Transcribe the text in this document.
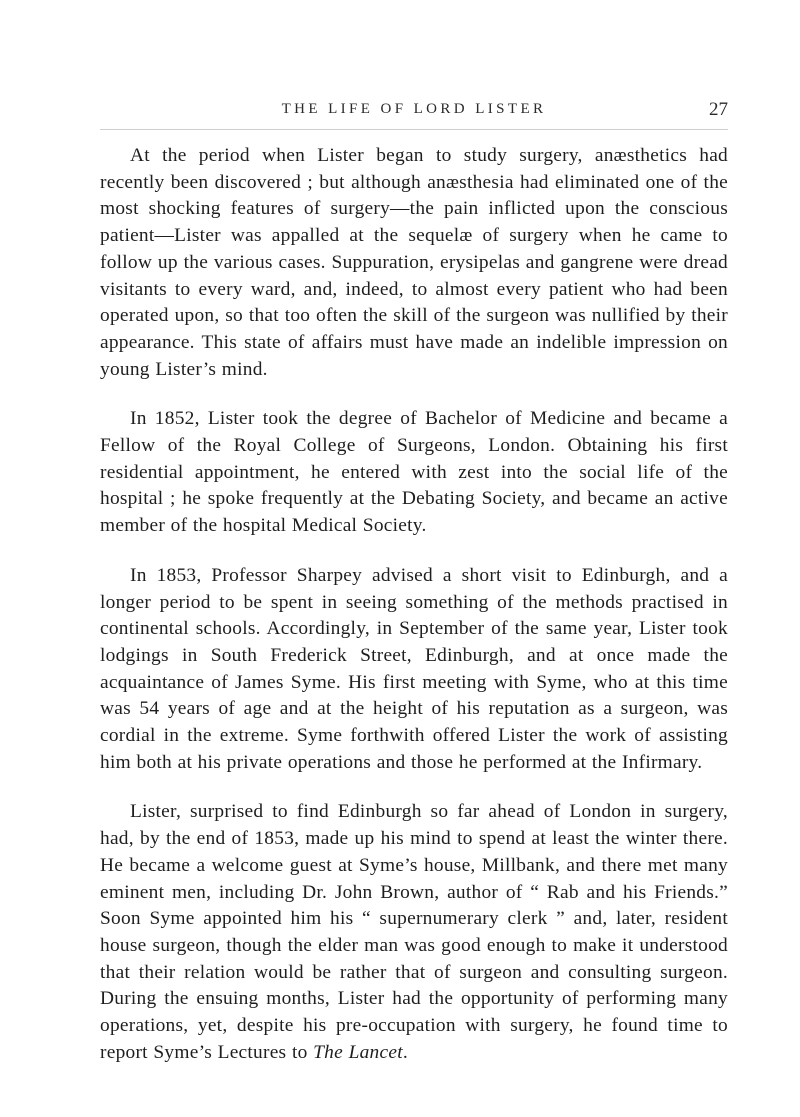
THE LIFE OF LORD LISTER	27

At the period when Lister began to study surgery, anæsthetics had recently been discovered ; but although anæsthesia had eliminated one of the most shocking features of surgery—the pain inflicted upon the conscious patient—Lister was appalled at the sequelæ of surgery when he came to follow up the various cases. Suppuration, erysipelas and gangrene were dread visitants to every ward, and, indeed, to almost every patient who had been operated upon, so that too often the skill of the surgeon was nullified by their appearance. This state of affairs must have made an indelible impression on young Lister’s mind.

In 1852, Lister took the degree of Bachelor of Medicine and became a Fellow of the Royal College of Surgeons, London. Obtaining his first residential appointment, he entered with zest into the social life of the hospital ; he spoke frequently at the Debating Society, and became an active member of the hospital Medical Society.

In 1853, Professor Sharpey advised a short visit to Edinburgh, and a longer period to be spent in seeing something of the methods practised in continental schools. Accordingly, in September of the same year, Lister took lodgings in South Frederick Street, Edinburgh, and at once made the acquaintance of James Syme. His first meeting with Syme, who at this time was 54 years of age and at the height of his reputation as a surgeon, was cordial in the extreme. Syme forthwith offered Lister the work of assisting him both at his private operations and those he performed at the Infirmary.

Lister, surprised to find Edinburgh so far ahead of London in surgery, had, by the end of 1853, made up his mind to spend at least the winter there. He became a welcome guest at Syme’s house, Millbank, and there met many eminent men, including Dr. John Brown, author of “ Rab and his Friends.” Soon Syme appointed him his “ supernumerary clerk ” and, later, resident house surgeon, though the elder man was good enough to make it understood that their relation would be rather that of surgeon and consulting surgeon. During the ensuing months, Lister had the opportunity of performing many operations, yet, despite his pre-occupation with surgery, he found time to report Syme’s Lectures to The Lancet.
